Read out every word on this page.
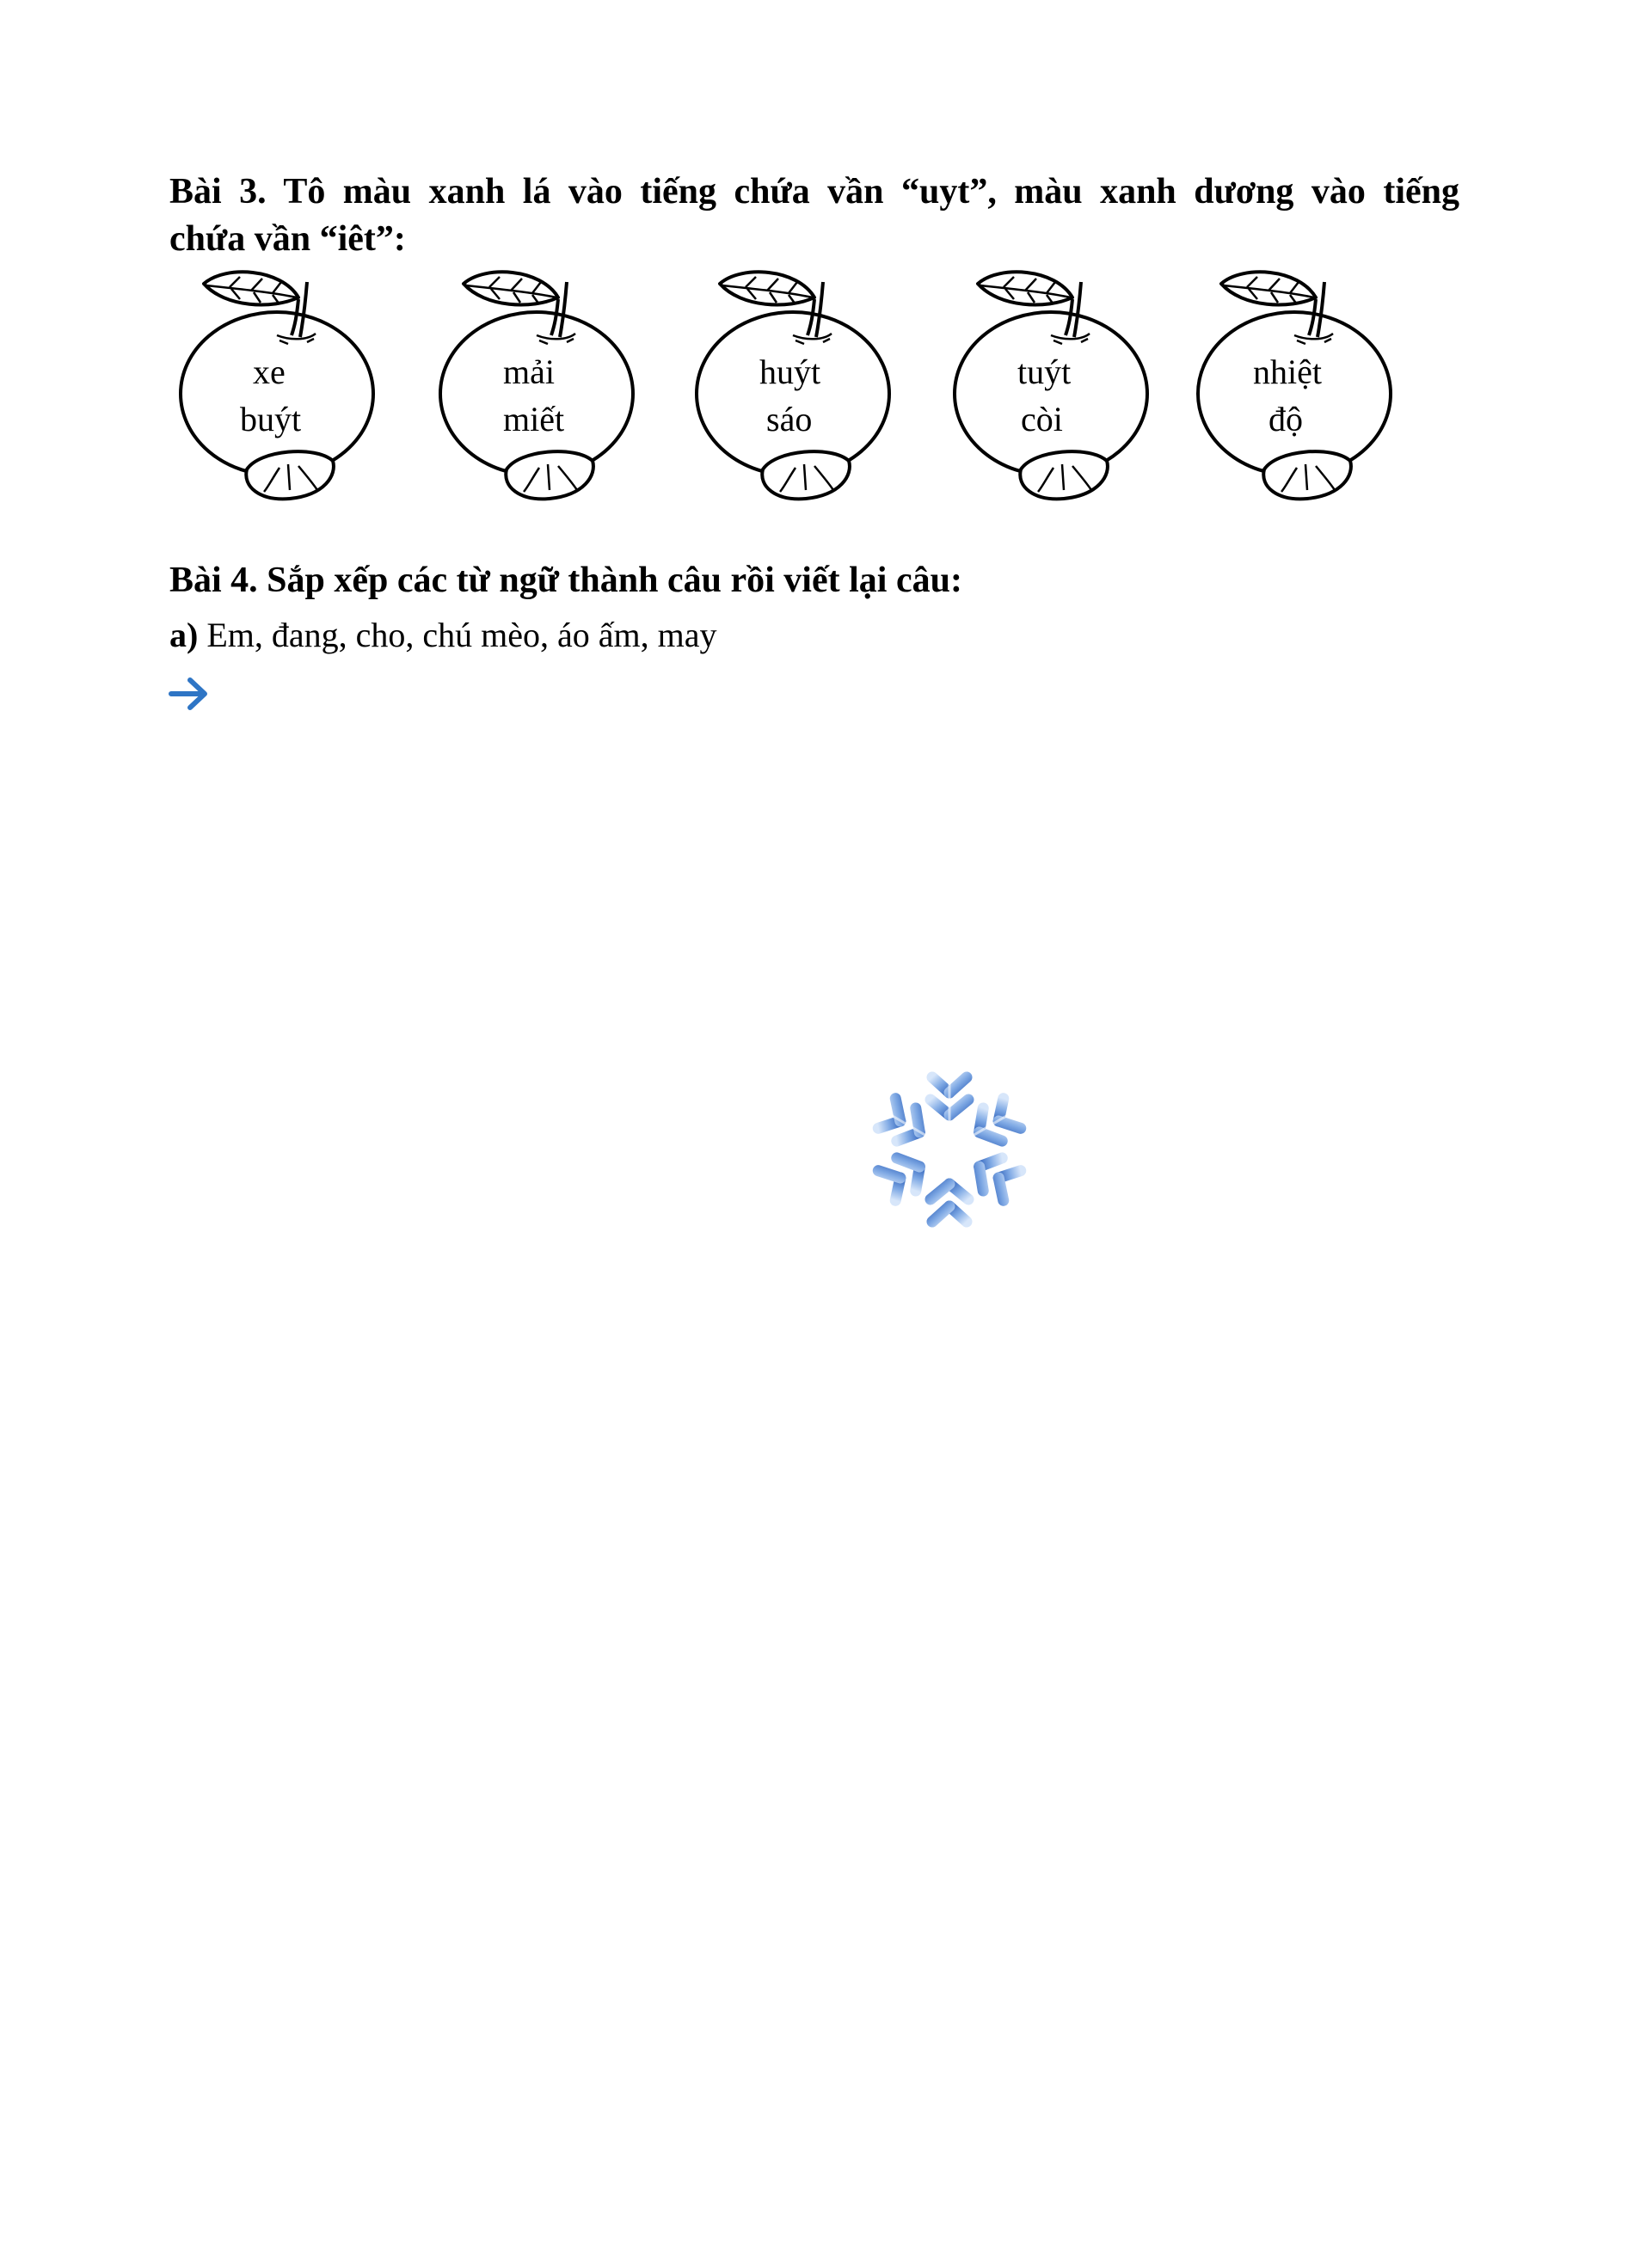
Bài 3. Tô màu xanh lá vào tiếng chứa vần “uyt”, màu xanh dương vào tiếng
chứa vần “iêt”:
xe
buýt
mải
miết
huýt
sáo
tuýt
còi
nhiệt
độ
Bài 4. Sắp xếp các từ ngữ thành câu rồi viết lại câu:
a) Em, đang, cho, chú mèo, áo ấm, may
